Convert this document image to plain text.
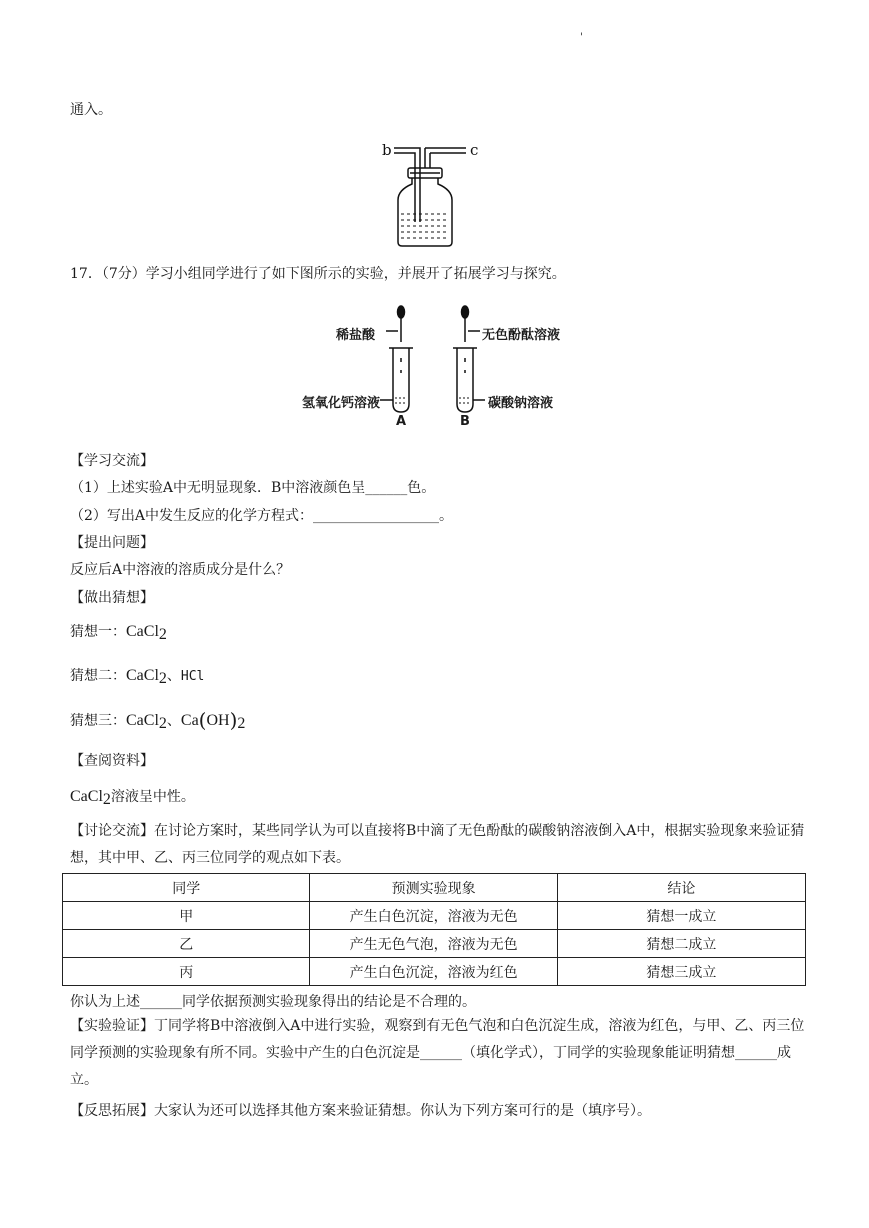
'
通入。
b	c
17．（7分）学习小组同学进行了如下图所示的实验，并展开了拓展学习与探究。
稀盐酸
氢氧化钙溶液
A
无色酚酞溶液
碳酸钠溶液
B
【学习交流】
（1）上述实验A中无明显现象．B中溶液颜色呈______色。
（2）写出A中发生反应的化学方程式：__________________。
【提出问题】
反应后A中溶液的溶质成分是什么？
【做出猜想】
猜想一：CaCl$_2$
猜想二：CaCl$_2$、HCl
猜想三：CaCl$_2$、$Ca(OH)_2$
【查阅资料】
CaCl$_2$溶液呈中性。
【讨论交流】在讨论方案时，某些同学认为可以直接将B中滴了无色酚酞的碳酸钠溶液倒入A中，根据实验现象来验证猜想，其中甲、乙、丙三位同学的观点如下表。
同学	预测实验现象	结论
甲	产生白色沉淀，溶液为无色	猜想一成立
乙	产生无色气泡，溶液为无色	猜想二成立
丙	产生白色沉淀，溶液为红色	猜想三成立
你认为上述______同学依据预测实验现象得出的结论是不合理的。
【实验验证】丁同学将B中溶液倒入A中进行实验，观察到有无色气泡和白色沉淀生成，溶液为红色，与甲、乙、丙三位同学预测的实验现象有所不同。实验中产生的白色沉淀是______（填化学式），丁同学的实验现象能证明猜想______成立。
【反思拓展】大家认为还可以选择其他方案来验证猜想。你认为下列方案可行的是（填序号）。
